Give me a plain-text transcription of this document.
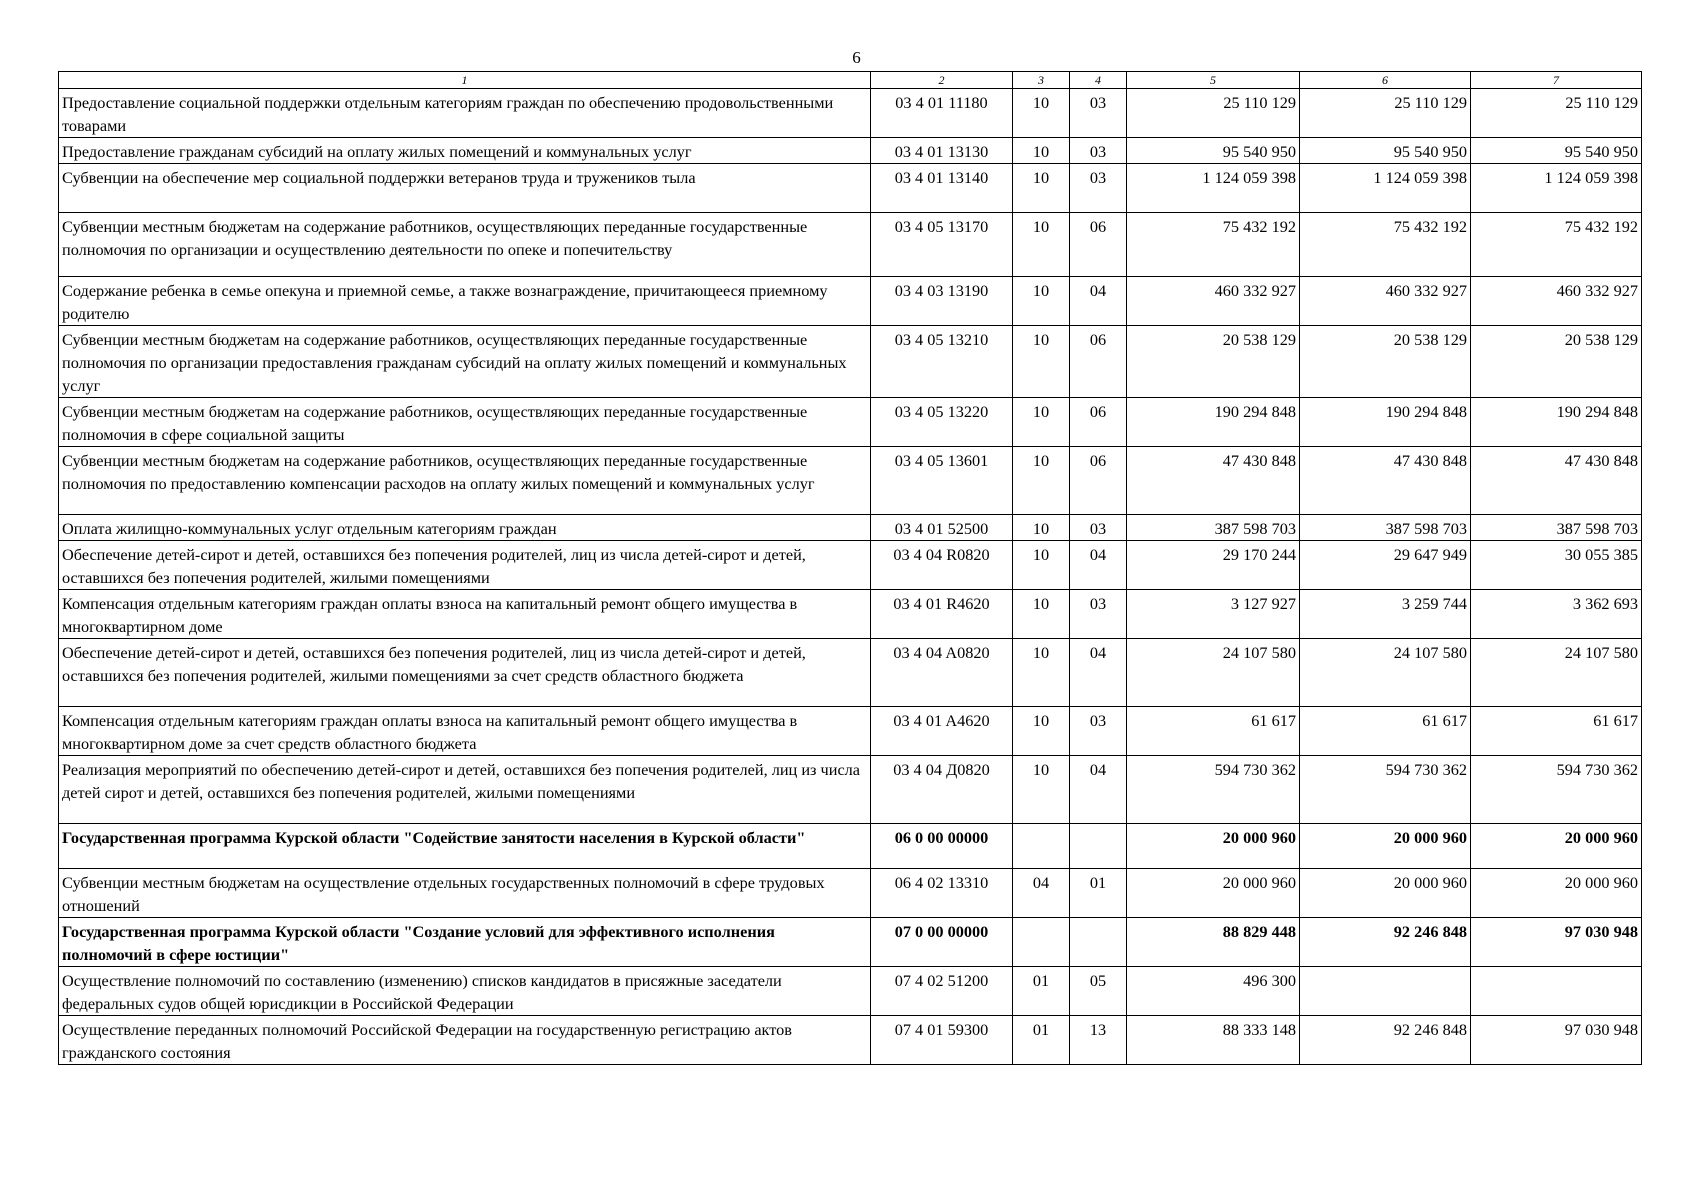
6
1	2	3	4	5	6	7
Предоставление социальной поддержки отдельным категориям граждан по обеспечению продовольственными товарами	03 4 01 11180	10	03	25 110 129	25 110 129	25 110 129
Предоставление гражданам субсидий на оплату жилых помещений и коммунальных услуг	03 4 01 13130	10	03	95 540 950	95 540 950	95 540 950
Субвенции на обеспечение мер социальной поддержки ветеранов труда и тружеников тыла	03 4 01 13140	10	03	1 124 059 398	1 124 059 398	1 124 059 398
Субвенции местным бюджетам на содержание работников, осуществляющих переданные государственные полномочия по организации и осуществлению деятельности по опеке и попечительству	03 4 05 13170	10	06	75 432 192	75 432 192	75 432 192
Содержание ребенка в семье опекуна и приемной семье, а также вознаграждение, причитающееся приемному родителю	03 4 03 13190	10	04	460 332 927	460 332 927	460 332 927
Субвенции местным бюджетам на содержание работников, осуществляющих переданные государственные полномочия по организации предоставления гражданам субсидий на оплату жилых помещений и коммунальных услуг	03 4 05 13210	10	06	20 538 129	20 538 129	20 538 129
Субвенции местным бюджетам на содержание работников, осуществляющих переданные государственные полномочия в сфере социальной защиты	03 4 05 13220	10	06	190 294 848	190 294 848	190 294 848
Субвенции местным бюджетам на содержание работников, осуществляющих переданные государственные полномочия по предоставлению компенсации расходов на оплату жилых помещений и коммунальных услуг	03 4 05 13601	10	06	47 430 848	47 430 848	47 430 848
Оплата жилищно-коммунальных услуг отдельным категориям граждан	03 4 01 52500	10	03	387 598 703	387 598 703	387 598 703
Обеспечение детей-сирот и детей, оставшихся без попечения родителей, лиц из числа детей-сирот и детей, оставшихся без попечения родителей, жилыми помещениями	03 4 04 R0820	10	04	29 170 244	29 647 949	30 055 385
Компенсация отдельным категориям граждан оплаты взноса на капитальный ремонт общего имущества в многоквартирном доме	03 4 01 R4620	10	03	3 127 927	3 259 744	3 362 693
Обеспечение детей-сирот и детей, оставшихся без попечения родителей, лиц из числа детей-сирот и детей, оставшихся без попечения родителей, жилыми помещениями за счет средств областного бюджета	03 4 04 A0820	10	04	24 107 580	24 107 580	24 107 580
Компенсация отдельным категориям граждан оплаты взноса на капитальный ремонт общего имущества в многоквартирном доме за счет средств областного бюджета	03 4 01 A4620	10	03	61 617	61 617	61 617
Реализация мероприятий по обеспечению детей-сирот и детей, оставшихся без попечения родителей, лиц из числа детей сирот и детей, оставшихся без попечения родителей, жилыми помещениями	03 4 04 Д0820	10	04	594 730 362	594 730 362	594 730 362
Государственная программа Курской области "Содействие занятости населения в Курской области"	06 0 00 00000			20 000 960	20 000 960	20 000 960
Субвенции местным бюджетам на осуществление отдельных государственных полномочий в сфере трудовых отношений	06 4 02 13310	04	01	20 000 960	20 000 960	20 000 960
Государственная программа Курской области "Создание условий для эффективного исполнения полномочий в сфере юстиции"	07 0 00 00000			88 829 448	92 246 848	97 030 948
Осуществление полномочий по составлению (изменению) списков кандидатов в присяжные заседатели федеральных судов общей юрисдикции в Российской Федерации	07 4 02 51200	01	05	496 300		
Осуществление переданных полномочий Российской Федерации на государственную регистрацию актов гражданского состояния	07 4 01 59300	01	13	88 333 148	92 246 848	97 030 948
